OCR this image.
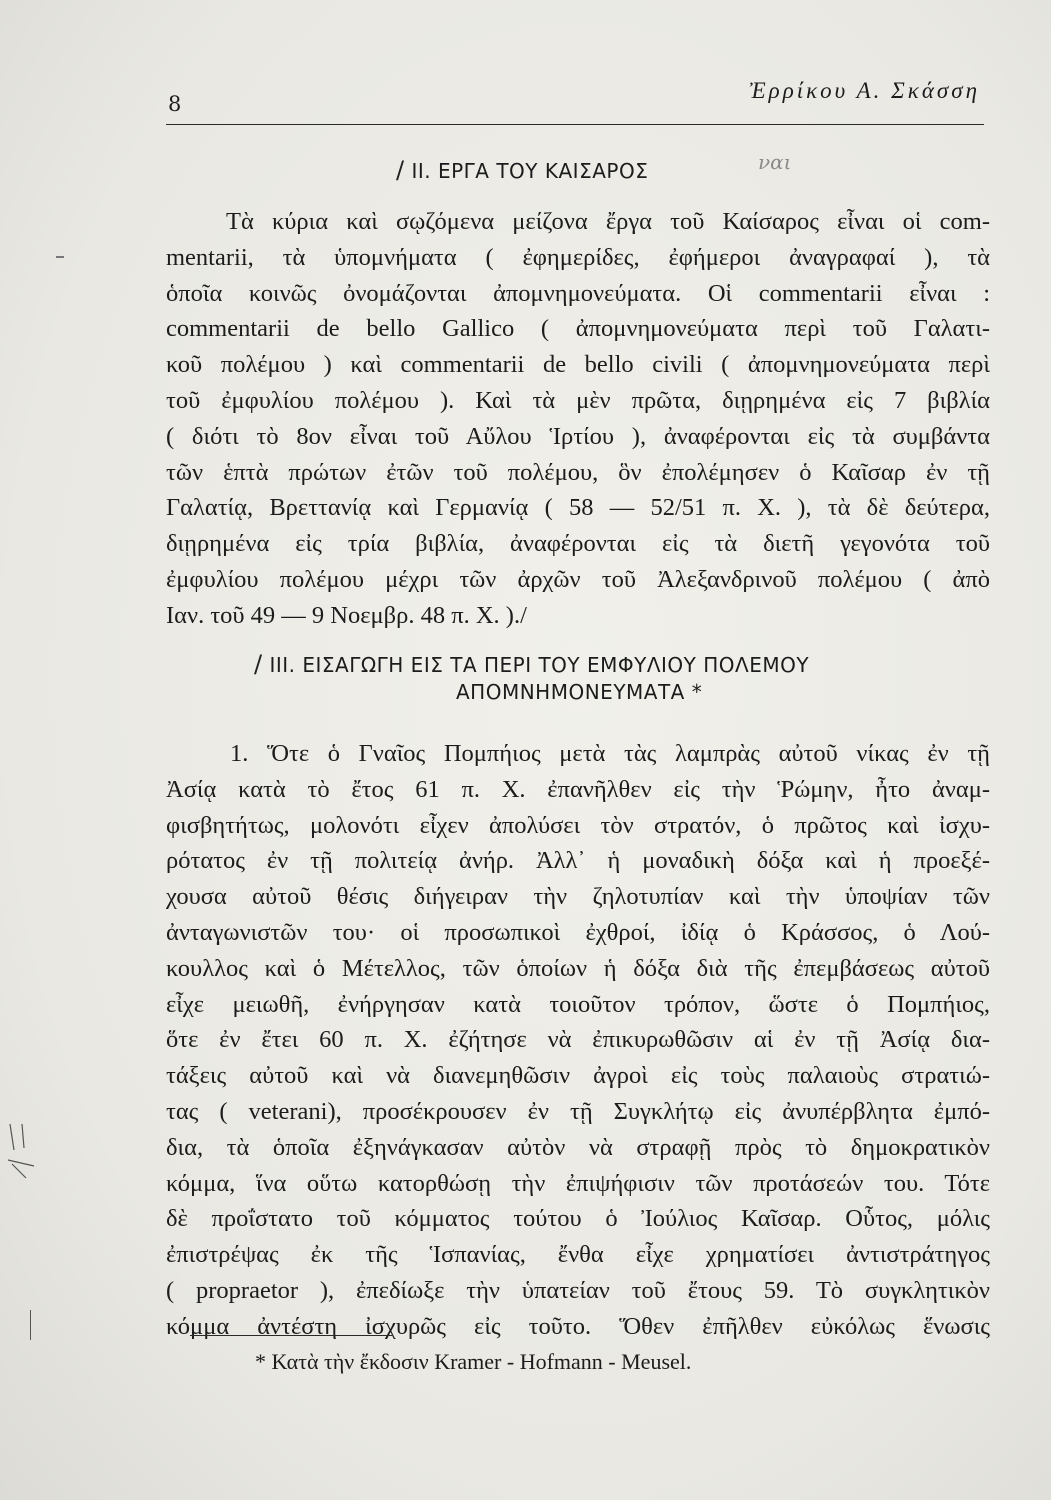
8
Ἐρρίκου Α. Σκάσση
/ II. ΕΡΓΑ ΤΟΥ ΚΑΙΣΑΡΟΣ	ναι
Τὰ κύρια καὶ σῳζόμενα μείζονα ἔργα τοῦ Καίσαρος εἶναι οἱ com-
mentarii, τὰ ὑπομνήματα ( ἐφημερίδες, ἐφήμεροι ἀναγραφαί ), τὰ
ὁποῖα κοινῶς ὀνομάζονται ἀπομνημονεύματα. Οἱ commentarii εἶναι :
commentarii de bello Gallico ( ἀπομνημονεύματα περὶ τοῦ Γαλατι-
κοῦ πολέμου ) καὶ commentarii de bello civili ( ἀπομνημονεύματα περὶ
τοῦ ἐμφυλίου πολέμου ). Καὶ τὰ μὲν πρῶτα, διῃρημένα εἰς 7 βιβλία
( διότι τὸ 8ον εἶναι τοῦ Αὔλου Ἱρτίου ), ἀναφέρονται εἰς τὰ συμβάντα
τῶν ἑπτὰ πρώτων ἐτῶν τοῦ πολέμου, ὃν ἐπολέμησεν ὁ Καῖσαρ ἐν τῇ
Γαλατίᾳ, Βρεττανίᾳ καὶ Γερμανίᾳ ( 58 — 52/51 π. Χ. ), τὰ δὲ δεύτερα,
διῃρημένα εἰς τρία βιβλία, ἀναφέρονται εἰς τὰ διετῆ γεγονότα τοῦ
ἐμφυλίου πολέμου μέχρι τῶν ἀρχῶν τοῦ Ἀλεξανδρινοῦ πολέμου ( ἀπὸ
Ιαν. τοῦ 49 — 9 Νοεμβρ. 48 π. Χ. )./
/ III. ΕΙΣΑΓΩΓΗ ΕΙΣ ΤΑ ΠΕΡΙ ΤΟΥ ΕΜΦΥΛΙΟΥ ΠΟΛΕΜΟΥ
ΑΠΟΜΝΗΜΟΝΕΥΜΑΤΑ *
1. Ὅτε ὁ Γναῖος Πομπήιος μετὰ τὰς λαμπρὰς αὐτοῦ νίκας ἐν τῇ
Ἀσίᾳ κατὰ τὸ ἔτος 61 π. Χ. ἐπανῆλθεν εἰς τὴν Ῥώμην, ἦτο ἀναμ-
φισβητήτως, μολονότι εἶχεν ἀπολύσει τὸν στρατόν, ὁ πρῶτος καὶ ἰσχυ-
ρότατος ἐν τῇ πολιτείᾳ ἀνήρ. Ἀλλ᾽ ἡ μοναδικὴ δόξα καὶ ἡ προεξέ-
χουσα αὐτοῦ θέσις διήγειραν τὴν ζηλοτυπίαν καὶ τὴν ὑποψίαν τῶν
ἀνταγωνιστῶν του· οἱ προσωπικοὶ ἐχθροί, ἰδίᾳ ὁ Κράσσος, ὁ Λού-
κουλλος καὶ ὁ Μέτελλος, τῶν ὁποίων ἡ δόξα διὰ τῆς ἐπεμβάσεως αὐτοῦ
εἶχε μειωθῆ, ἐνήργησαν κατὰ τοιοῦτον τρόπον, ὥστε ὁ Πομπήιος,
ὅτε ἐν ἔτει 60 π. Χ. ἐζήτησε νὰ ἐπικυρωθῶσιν αἱ ἐν τῇ Ἀσίᾳ δια-
τάξεις αὐτοῦ καὶ νὰ διανεμηθῶσιν ἀγροὶ εἰς τοὺς παλαιοὺς στρατιώ-
τας ( veterani), προσέκρουσεν ἐν τῇ Συγκλήτῳ εἰς ἀνυπέρβλητα ἐμπό-
δια, τὰ ὁποῖα ἐξηνάγκασαν αὐτὸν νὰ στραφῇ πρὸς τὸ δημοκρατικὸν
κόμμα, ἵνα οὕτω κατορθώσῃ τὴν ἐπιψήφισιν τῶν προτάσεών του. Τότε
δὲ προΐστατο τοῦ κόμματος τούτου ὁ Ἰούλιος Καῖσαρ. Οὗτος, μόλις
ἐπιστρέψας ἐκ τῆς Ἱσπανίας, ἔνθα εἶχε χρηματίσει ἀντιστράτηγος
( propraetor ), ἐπεδίωξε τὴν ὑπατείαν τοῦ ἔτους 59. Τὸ συγκλητικὸν
κόμμα ἀντέστη ἰσχυρῶς εἰς τοῦτο. Ὅθεν ἐπῆλθεν εὐκόλως ἕνωσις
* Κατὰ τὴν ἔκδοσιν Kramer - Hofmann - Meusel.
